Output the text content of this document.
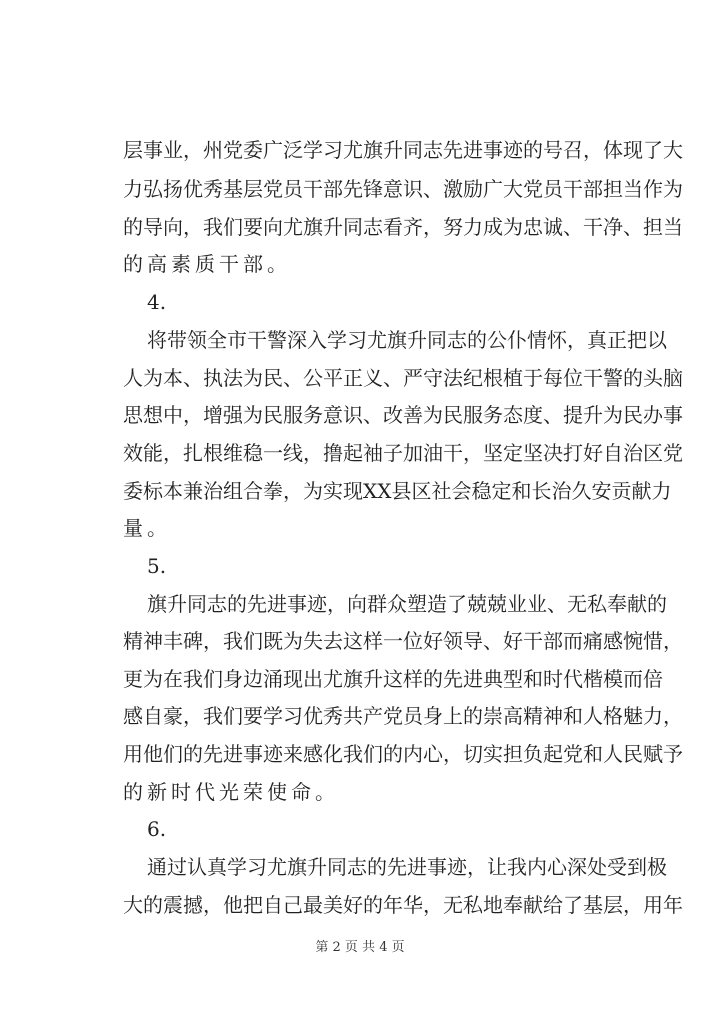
层事业，州党委广泛学习尤旗升同志先进事迹的号召，体现了大
力弘扬优秀基层党员干部先锋意识、激励广大党员干部担当作为
的导向，我们要向尤旗升同志看齐，努力成为忠诚、干净、担当
的高素质干部。
4.
将带领全市干警深入学习尤旗升同志的公仆情怀，真正把以
人为本、执法为民、公平正义、严守法纪根植于每位干警的头脑
思想中，增强为民服务意识、改善为民服务态度、提升为民办事
效能，扎根维稳一线，撸起袖子加油干，坚定坚决打好自治区党
委标本兼治组合拳，为实现XX县区社会稳定和长治久安贡献力
量。
5.
旗升同志的先进事迹，向群众塑造了兢兢业业、无私奉献的
精神丰碑，我们既为失去这样一位好领导、好干部而痛感惋惜，
更为在我们身边涌现出尤旗升这样的先进典型和时代楷模而倍
感自豪，我们要学习优秀共产党员身上的崇高精神和人格魅力，
用他们的先进事迹来感化我们的内心，切实担负起党和人民赋予
的新时代光荣使命。
6.
通过认真学习尤旗升同志的先进事迹，让我内心深处受到极
大的震撼，他把自己最美好的年华，无私地奉献给了基层，用年
第 2 页 共 4 页
